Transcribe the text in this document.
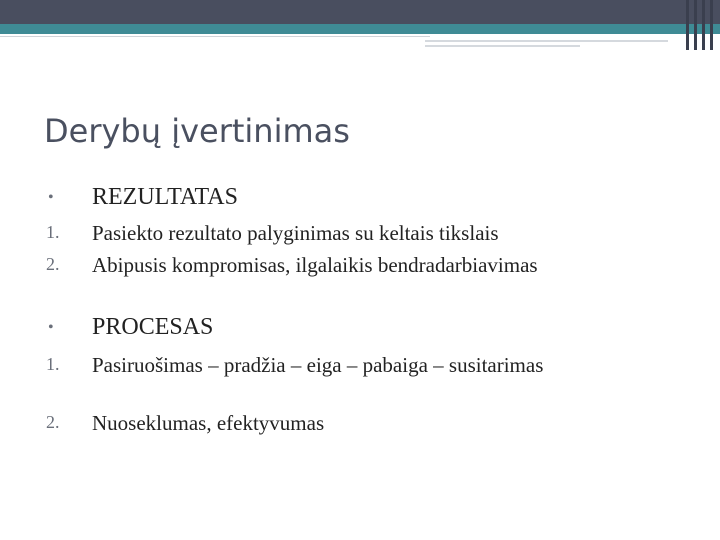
Derybų įvertinimas
• REZULTATAS
1. Pasiekto rezultato palyginimas su keltais tikslais
2. Abipusis kompromisas, ilgalaikis bendradarbiavimas
• PROCESAS
1. Pasiruošimas – pradžia – eiga – pabaiga – susitarimas
2. Nuoseklumas, efektyvumas
